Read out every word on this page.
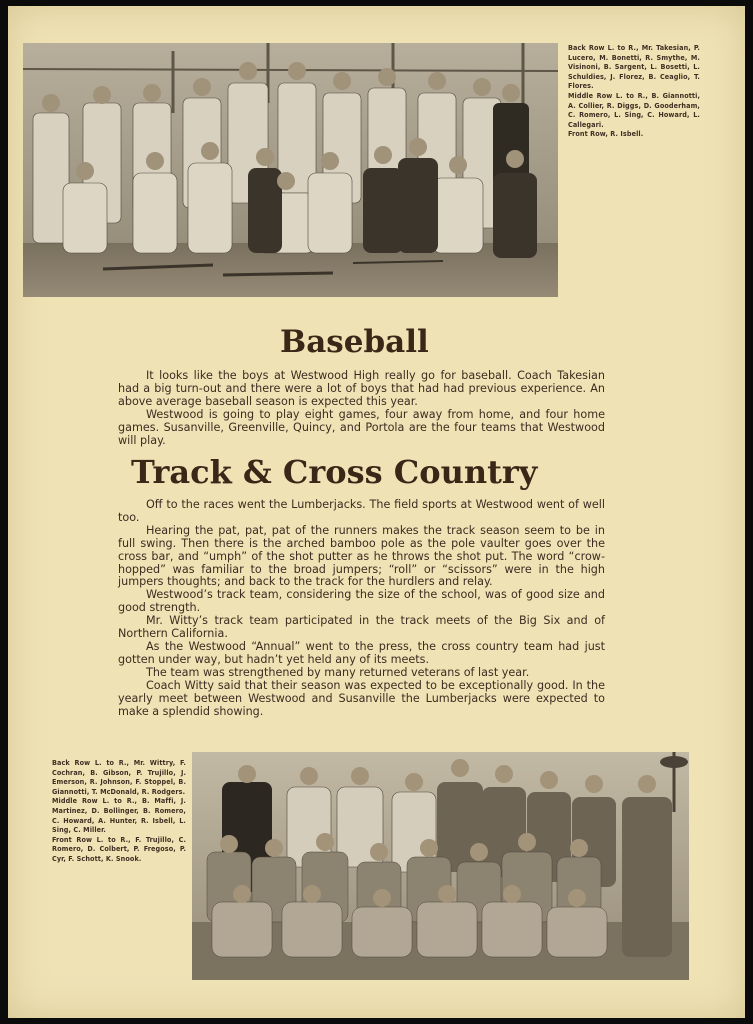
Back Row L. to R., Mr. Takesian, P. Lucero, M. Bonetti, R. Smythe, M. Visinoni, B. Sargent, L. Bosetti, L. Schuldies, J. Florez, B. Ceaglio, T. Flores.

Middle Row L. to R., B. Giannotti, A. Collier, R. Diggs, D. Gooderham, C. Romero, L. Sing, C. Howard, L. Callegari.

Front Row, R. Isbell.

Baseball

It looks like the boys at Westwood High really go for baseball. Coach Takesian had a big turn-out and there were a lot of boys that had had previous experience. An above average baseball season is expected this year.

Westwood is going to play eight games, four away from home, and four home games. Susanville, Greenville, Quincy, and Portola are the four teams that Westwood will play.

Track & Cross Country

Off to the races went the Lumberjacks. The field sports at Westwood went of well too.

Hearing the pat, pat, pat of the runners makes the track season seem to be in full swing. Then there is the arched bamboo pole as the pole vaulter goes over the cross bar, and “umph” of the shot putter as he throws the shot put. The word “crow-hopped” was familiar to the broad jumpers; “roll” or “scissors” were in the high jumpers thoughts; and back to the track for the hurdlers and relay.

Westwood’s track team, considering the size of the school, was of good size and good strength.

Mr. Witty’s track team participated in the track meets of the Big Six and of Northern California.

As the Westwood “Annual” went to the press, the cross country team had just gotten under way, but hadn’t yet held any of its meets.

The team was strengthened by many returned veterans of last year.

Coach Witty said that their season was expected to be exceptionally good. In the yearly meet between Westwood and Susanville the Lumberjacks were expected to make a splendid showing.

Back Row L. to R., Mr. Wittry, F. Cochran, B. Gibson, P. Trujillo, J. Emerson, R. Johnson, F. Stoppel, B. Giannotti, T. McDonald, R. Rodgers.

Middle Row L. to R., B. Maffi, J. Martinez, D. Bollinger, B. Romero, C. Howard, A. Hunter, R. Isbell, L. Sing, C. Miller.

Front Row L. to R., F. Trujillo, C. Romero, D. Colbert, P. Fregoso, P. Cyr, F. Schott, K. Snook.
